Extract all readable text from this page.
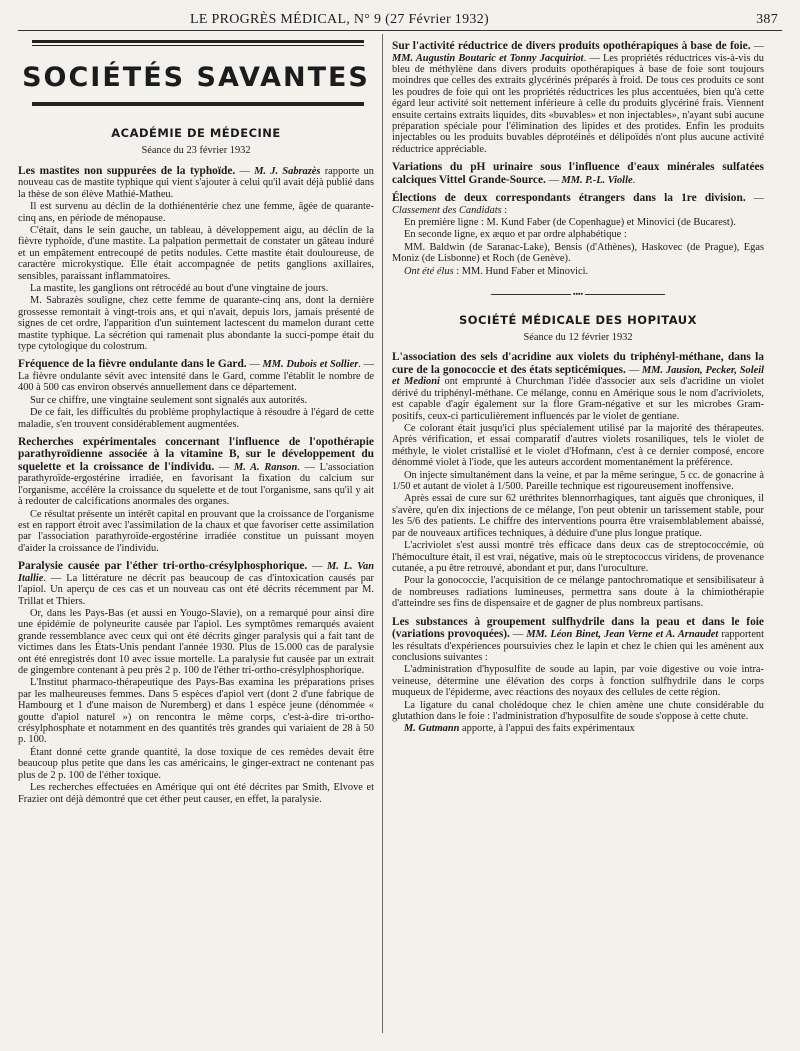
LE PROGRÈS MÉDICAL, N° 9 (27 Février 1932)	387
SOCIÉTÉS SAVANTES
ACADÉMIE DE MÉDECINE
Séance du 23 février 1932

Les mastites non suppurées de la typhoïde. — M. J. Sabrazès rapporte un nouveau cas de mastite typhique qui vient s'ajouter à celui qu'il avait déjà publié dans la thèse de son élève Mathié-Matheu.

Il est survenu au déclin de la dothiénentérie chez une femme, âgée de quarante-cinq ans, en période de ménopause.

C'était, dans le sein gauche, un tableau, à développement aigu, au déclin de la fièvre typhoïde, d'une mastite. La palpation permettait de constater un gâteau induré et un empâtement entrecoupé de petits nodules. Cette mastite était douloureuse, de caractère microkystique. Elle était accompagnée de petits ganglions axillaires, sensibles, paraissant inflammatoires.

La mastite, les ganglions ont rétrocédé au bout d'une vingtaine de jours.

M. Sabrazès souligne, chez cette femme de quarante-cinq ans, dont la dernière grossesse remontait à vingt-trois ans, et qui n'avait, depuis lors, jamais présenté de signes de cet ordre, l'apparition d'un suintement lactescent du mamelon durant cette mastite typhique. La sécrétion qui ramenait plus abondante la succi-pompe était du type cytologique du colostrum.

Fréquence de la fièvre ondulante dans le Gard. — MM. Dubois et Sollier. — La fièvre ondulante sévit avec intensité dans le Gard, comme l'établit le nombre de 400 à 500 cas environ observés annuellement dans ce département.

Sur ce chiffre, une vingtaine seulement sont signalés aux autorités.

De ce fait, les difficultés du problème prophylactique à résoudre à l'égard de cette maladie, s'en trouvent considérablement augmentées.

Recherches expérimentales concernant l'influence de l'opothérapie parathyroïdienne associée à la vitamine B, sur le développement du squelette et la croissance de l'individu. — M. A. Ranson. — L'association parathyroïde-ergostérine irradiée, en favorisant la fixation du calcium sur l'organisme, accélère la croissance du squelette et de tout l'organisme, sans qu'il y ait à redouter de calcifications anormales des organes.

Ce résultat présente un intérêt capital en prouvant que la croissance de l'organisme est en rapport étroit avec l'assimilation de la chaux et que favoriser cette assimilation par l'association parathyroïde-ergostérine irradiée constitue un puissant moyen d'aider la croissance de l'individu.

Paralysie causée par l'éther tri-ortho-crésylphosphorique. — M. L. Van Itallie. — La littérature ne décrit pas beaucoup de cas d'intoxication causés par l'apiol. Un aperçu de ces cas et un nouveau cas ont été décrits récemment par M. Trillat et Thiers.

Or, dans les Pays-Bas (et aussi en Yougo-Slavie), on a remarqué pour ainsi dire une épidémie de polyneurite causée par l'apiol. Les symptômes remarqués avaient grande ressemblance avec ceux qui ont été décrits ginger paralysis qui a fait tant de victimes dans les États-Unis pendant l'année 1930. Plus de 15.000 cas de paralysie ont été enregistrés dont 10 avec issue mortelle. La paralysie fut causée par un extrait de gingembre contenant à peu près 2 p. 100 de l'éther tri-ortho-crésylphosphorique.

L'Institut pharmaco-thérapeutique des Pays-Bas examina les préparations prises par les malheureuses femmes. Dans 5 espèces d'apiol vert (dont 2 d'une fabrique de Hambourg et 1 d'une maison de Nuremberg) et dans 1 espèce jeune (dénommée « goutte d'apiol naturel ») on rencontra le même corps, c'est-à-dire tri-ortho-crésylphosphate et notamment en des quantités très grandes qui variaient de 28 à 50 p. 100.

Étant donné cette grande quantité, la dose toxique de ces remèdes devait être beaucoup plus petite que dans les cas américains, le ginger-extract ne contenant pas plus de 2 p. 100 de l'éther toxique.

Les recherches effectuées en Amérique qui ont été décrites par Smith, Elvove et Frazier ont déjà démontré que cet éther peut causer, en effet, la paralysie.

Sur l'activité réductrice de divers produits opothérapiques à base de foie. — MM. Augustin Boutaric et Tonny Jacquiriot. — Les propriétés réductrices vis-à-vis du bleu de méthylène dans divers produits opothérapiques à base de foie sont toujours moindres que celles des extraits glycérinés préparés à froid. De tous ces produits ce sont les poudres de foie qui ont les propriétés réductrices les plus accentuées, bien qu'à cette égard leur activité soit nettement inférieure à celle du produits glycériné frais. Viennent ensuite certains extraits liquides, dits «buvables» et non injectables», n'ayant subi aucune préparation spéciale pour l'élimination des lipides et des protides. Enfin les produits injectables ou les produits buvables déprotéinés et délipoïdés n'ont plus aucune activité réductrice appréciable.

Variations du pH urinaire sous l'influence d'eaux minérales sulfatées calciques Vittel Grande-Source. — MM. P.-L. Violle.

Élections de deux correspondants étrangers dans la 1re division. — Classement des Candidats :

En première ligne : M. Kund Faber (de Copenhague) et Minovici (de Bucarest).

En seconde ligne, ex æquo et par ordre alphabétique :

MM. Baldwin (de Saranac-Lake), Bensis (d'Athènes), Haskovec (de Prague), Egas Moniz (de Lisbonne) et Roch (de Genève).

Ont été élus : MM. Hund Faber et Minovici.

▪▪▪▪
SOCIÉTÉ MÉDICALE DES HOPITAUX
Séance du 12 février 1932

L'association des sels d'acridine aux violets du triphényl-méthane, dans la cure de la gonococcie et des états septicémiques. — MM. Jausion, Pecker, Soleil et Medioni ont emprunté à Churchman l'idée d'associer aux sels d'acridine un violet dérivé du triphényl-méthane. Ce mélange, connu en Amérique sous le nom d'acriviolets, est capable d'agir également sur la flore Gram-négative et sur les microbes Gram-positifs, ceux-ci particulièrement influencés par le violet de gentiane.

Ce colorant était jusqu'ici plus spécialement utilisé par la majorité des thérapeutes. Après vérification, et essai comparatif d'autres violets rosaniliques, tels le violet de méthyle, le violet cristallisé et le violet d'Hofmann, c'est à ce dernier composé, encore dénommé violet à l'iode, que les auteurs accordent momentanément la préférence.

On injecte simultanément dans la veine, et par la même seringue, 5 cc. de gonacrine à 1/50 et autant de violet à 1/500. Pareille technique est rigoureusement inoffensive.

Après essai de cure sur 62 uréthrites blennorrhagiques, tant aiguës que chroniques, il s'avère, qu'en dix injections de ce mélange, l'on peut obtenir un tarissement stable, pour les 5/6 des patients. Le chiffre des interventions pourra être vraisemblablement abaissé, par de nouveaux artifices techniques, à déduire d'une plus longue pratique.

L'acriviolet s'est aussi montré très efficace dans deux cas de streptococcémie, où l'hémoculture était, il est vrai, négative, mais où le streptococcus viridens, de provenance cutanée, a pu être retrouvé, abondant et pur, dans l'uroculture.

Pour la gonococcie, l'acquisition de ce mélange pantochromatique et sensibilisateur à de nombreuses radiations lumineuses, permettra sans doute à la chimiothérapie d'atteindre ses fins de dispensaire et de gagner de plus nombreux partisans.

Les substances à groupement sulfhydrile dans la peau et dans le foie (variations provoquées). — MM. Léon Binet, Jean Verne et A. Arnaudet rapportent les résultats d'expériences poursuivies chez le lapin et chez le chien qui les amènent aux conclusions suivantes :

L'administration d'hyposulfite de soude au lapin, par voie digestive ou voie intra-veineuse, détermine une élévation des corps à fonction sulfhydrile dans le corps muqueux de l'épiderme, avec réactions des noyaux des cellules de cette région.

La ligature du canal cholédoque chez le chien amène une chute considérable du glutathion dans le foie : l'administration d'hyposulfite de soude s'oppose à cette chute.

M. Gutmann apporte, à l'appui des faits expérimentaux
